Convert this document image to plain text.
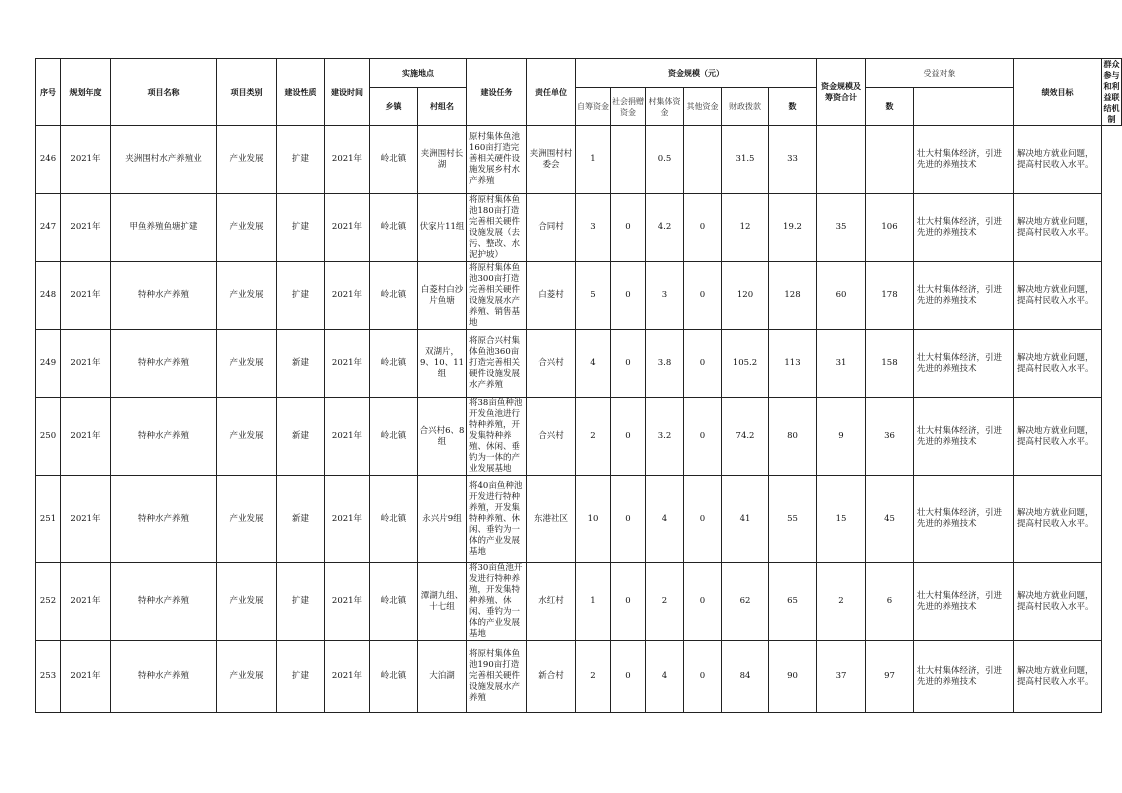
序号	规划年度	项目名称	项目类别	建设性质	建设时间	实施地点		建设任务	责任单位	资金规模（元）						资金规模及筹资合计	受益对象		绩效目标	群众参与和利益联结机制
						乡镇	村组名			自筹资金	社会捐赠资金	村集体资金	其他资金	财政拨款	数		数			
246	2021年	夹洲围村水产养殖业	产业发展	扩建	2021年	岭北镇	夹洲围村长湖	原村集体鱼池160亩打造完善相关硬件设施发展乡村水产养殖	夹洲围村村委会	1		0.5		31.5	33			壮大村集体经济，引进先进的养殖技术	解决地方就业问题，提高村民收入水平。	
247	2021年	甲鱼养殖鱼塘扩建	产业发展	扩建	2021年	岭北镇	伏家片11组	将原村集体鱼池180亩打造完善相关硬件设施发展（去污、整改、水泥护坡）	合同村	3	0	4.2	0	12	19.2	35	106	壮大村集体经济，引进先进的养殖技术	解决地方就业问题，提高村民收入水平。	
248	2021年	特种水产养殖	产业发展	扩建	2021年	岭北镇	白菱村白沙片鱼塘	将原村集体鱼池300亩打造完善相关硬件设施发展水产养殖、销售基地	白菱村	5	0	3	0	120	128	60	178	壮大村集体经济，引进先进的养殖技术	解决地方就业问题，提高村民收入水平。	
249	2021年	特种水产养殖	产业发展	新建	2021年	岭北镇	双湖片，9、10、11组	将原合兴村集体鱼池360亩打造完善相关硬件设施发展水产养殖	合兴村	4	0	3.8	0	105.2	113	31	158	壮大村集体经济，引进先进的养殖技术	解决地方就业问题，提高村民收入水平。	
250	2021年	特种水产养殖	产业发展	新建	2021年	岭北镇	合兴村6、8组	将38亩鱼种池开发鱼池进行特种养殖，开发集特种养殖、休闲、垂钓为一体的产业发展基地	合兴村	2	0	3.2	0	74.2	80	9	36	壮大村集体经济，引进先进的养殖技术	解决地方就业问题，提高村民收入水平。	
251	2021年	特种水产养殖	产业发展	新建	2021年	岭北镇	永兴片9组	将40亩鱼种池开发进行特种养殖，开发集特种养殖、休闲、垂钓为一体的产业发展基地	东港社区	10	0	4	0	41	55	15	45	壮大村集体经济，引进先进的养殖技术	解决地方就业问题，提高村民收入水平。	
252	2021年	特种水产养殖	产业发展	扩建	2021年	岭北镇	潭湖九组、十七组	将30亩鱼池开发进行特种养殖，开发集特种养殖、休闲、垂钓为一体的产业发展基地	水红村	1	0	2	0	62	65	2	6	壮大村集体经济，引进先进的养殖技术	解决地方就业问题，提高村民收入水平。	
253	2021年	特种水产养殖	产业发展	扩建	2021年	岭北镇	大泊湖	将原村集体鱼池190亩打造完善相关硬件设施发展水产养殖	新合村	2	0	4	0	84	90	37	97	壮大村集体经济，引进先进的养殖技术	解决地方就业问题，提高村民收入水平。	
